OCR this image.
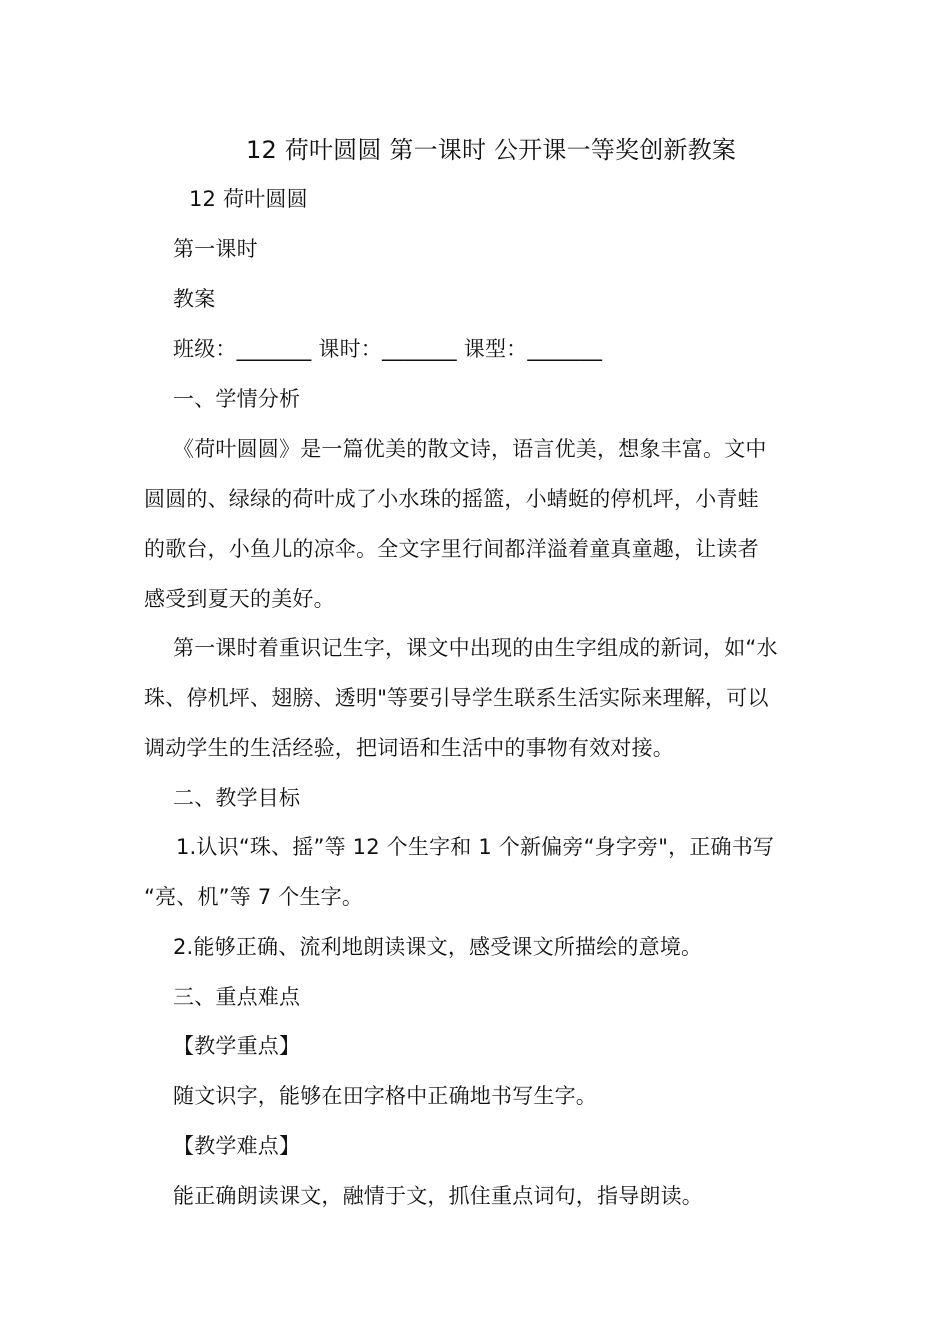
12 荷叶圆圆 第一课时 公开课一等奖创新教案
12 荷叶圆圆
第一课时
教案
班级：_______ 课时：_______ 课型：_______
一、学情分析
《荷叶圆圆》是一篇优美的散文诗，语言优美，想象丰富。文中
圆圆的、绿绿的荷叶成了小水珠的摇篮，小蜻蜓的停机坪，小青蛙
的歌台，小鱼儿的凉伞。全文字里行间都洋溢着童真童趣，让读者
感受到夏天的美好。
第一课时着重识记生字，课文中出现的由生字组成的新词，如“水
珠、停机坪、翅膀、透明"等要引导学生联系生活实际来理解，可以
调动学生的生活经验，把词语和生活中的事物有效对接。
二、教学目标
1.认识“珠、摇”等 12 个生字和 1 个新偏旁“身字旁"，正确书写
“亮、机”等 7 个生字。
2.能够正确、流利地朗读课文，感受课文所描绘的意境。
三、重点难点
【教学重点】
随文识字，能够在田字格中正确地书写生字。
【教学难点】
能正确朗读课文，融情于文，抓住重点词句，指导朗读。
